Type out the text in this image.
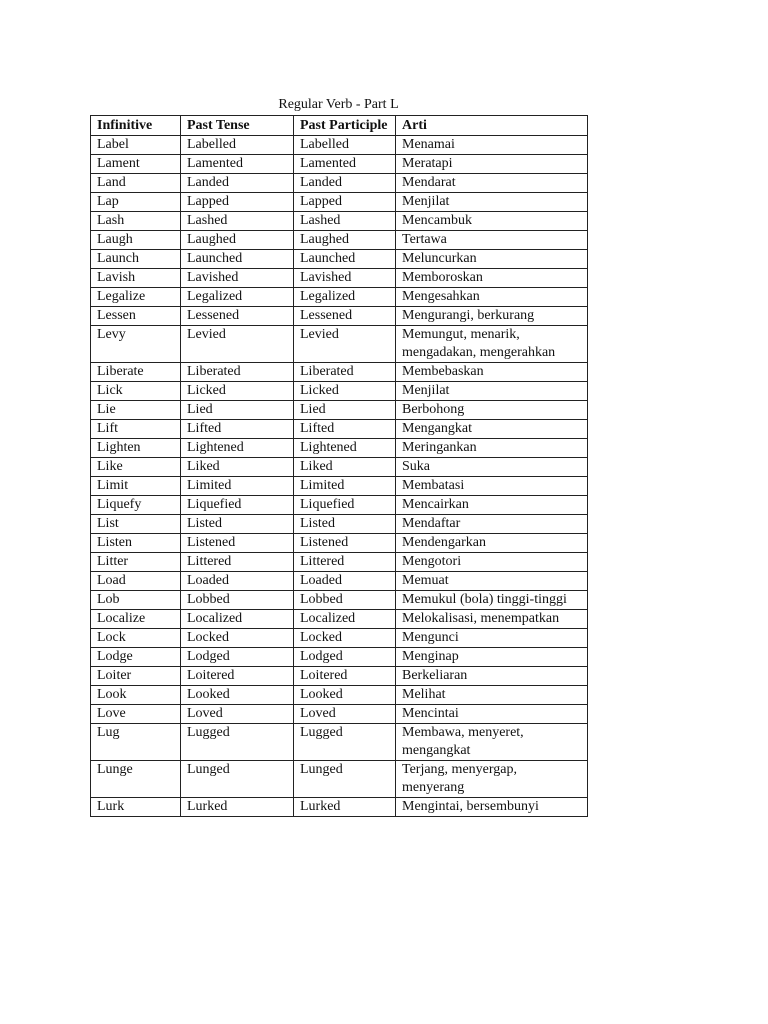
Regular Verb - Part L
Infinitive	Past Tense	Past Participle	Arti
Label	Labelled	Labelled	Menamai
Lament	Lamented	Lamented	Meratapi
Land	Landed	Landed	Mendarat
Lap	Lapped	Lapped	Menjilat
Lash	Lashed	Lashed	Mencambuk
Laugh	Laughed	Laughed	Tertawa
Launch	Launched	Launched	Meluncurkan
Lavish	Lavished	Lavished	Memboroskan
Legalize	Legalized	Legalized	Mengesahkan
Lessen	Lessened	Lessened	Mengurangi, berkurang
Levy	Levied	Levied	Memungut, menarik, mengadakan, mengerahkan
Liberate	Liberated	Liberated	Membebaskan
Lick	Licked	Licked	Menjilat
Lie	Lied	Lied	Berbohong
Lift	Lifted	Lifted	Mengangkat
Lighten	Lightened	Lightened	Meringankan
Like	Liked	Liked	Suka
Limit	Limited	Limited	Membatasi
Liquefy	Liquefied	Liquefied	Mencairkan
List	Listed	Listed	Mendaftar
Listen	Listened	Listened	Mendengarkan
Litter	Littered	Littered	Mengotori
Load	Loaded	Loaded	Memuat
Lob	Lobbed	Lobbed	Memukul (bola) tinggi-tinggi
Localize	Localized	Localized	Melokalisasi, menempatkan
Lock	Locked	Locked	Mengunci
Lodge	Lodged	Lodged	Menginap
Loiter	Loitered	Loitered	Berkeliaran
Look	Looked	Looked	Melihat
Love	Loved	Loved	Mencintai
Lug	Lugged	Lugged	Membawa, menyeret, mengangkat
Lunge	Lunged	Lunged	Terjang, menyergap, menyerang
Lurk	Lurked	Lurked	Mengintai, bersembunyi
